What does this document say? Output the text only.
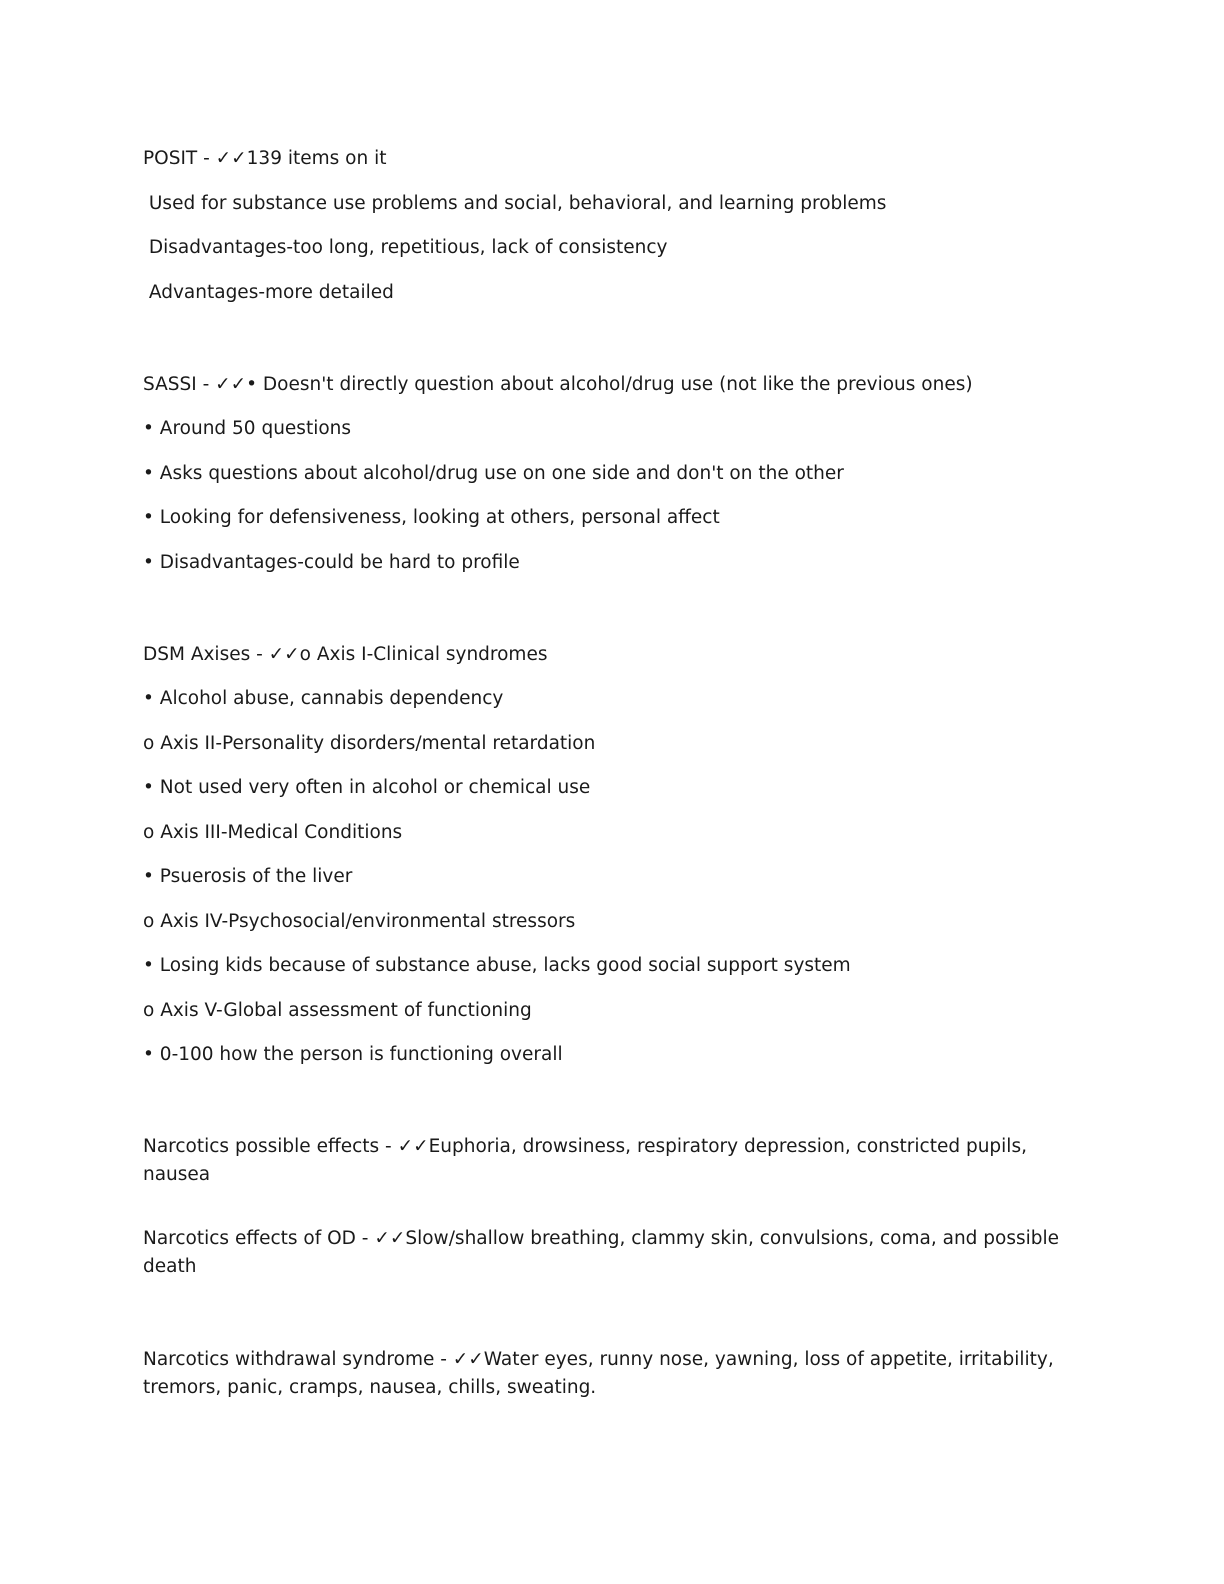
POSIT - ✓✓139 items on it
Used for substance use problems and social, behavioral, and learning problems
Disadvantages-too long, repetitious, lack of consistency
Advantages-more detailed
SASSI - ✓✓• Doesn't directly question about alcohol/drug use (not like the previous ones)
• Around 50 questions
• Asks questions about alcohol/drug use on one side and don't on the other
• Looking for defensiveness, looking at others, personal affect
• Disadvantages-could be hard to profile
DSM Axises - ✓✓o Axis I-Clinical syndromes
• Alcohol abuse, cannabis dependency
o Axis II-Personality disorders/mental retardation
• Not used very often in alcohol or chemical use
o Axis III-Medical Conditions
• Psuerosis of the liver
o Axis IV-Psychosocial/environmental stressors
• Losing kids because of substance abuse, lacks good social support system
o Axis V-Global assessment of functioning
• 0-100 how the person is functioning overall
Narcotics possible effects - ✓✓Euphoria, drowsiness, respiratory depression, constricted pupils, nausea
Narcotics effects of OD - ✓✓Slow/shallow breathing, clammy skin, convulsions, coma, and possible death
Narcotics withdrawal syndrome - ✓✓Water eyes, runny nose, yawning, loss of appetite, irritability, tremors, panic, cramps, nausea, chills, sweating.
